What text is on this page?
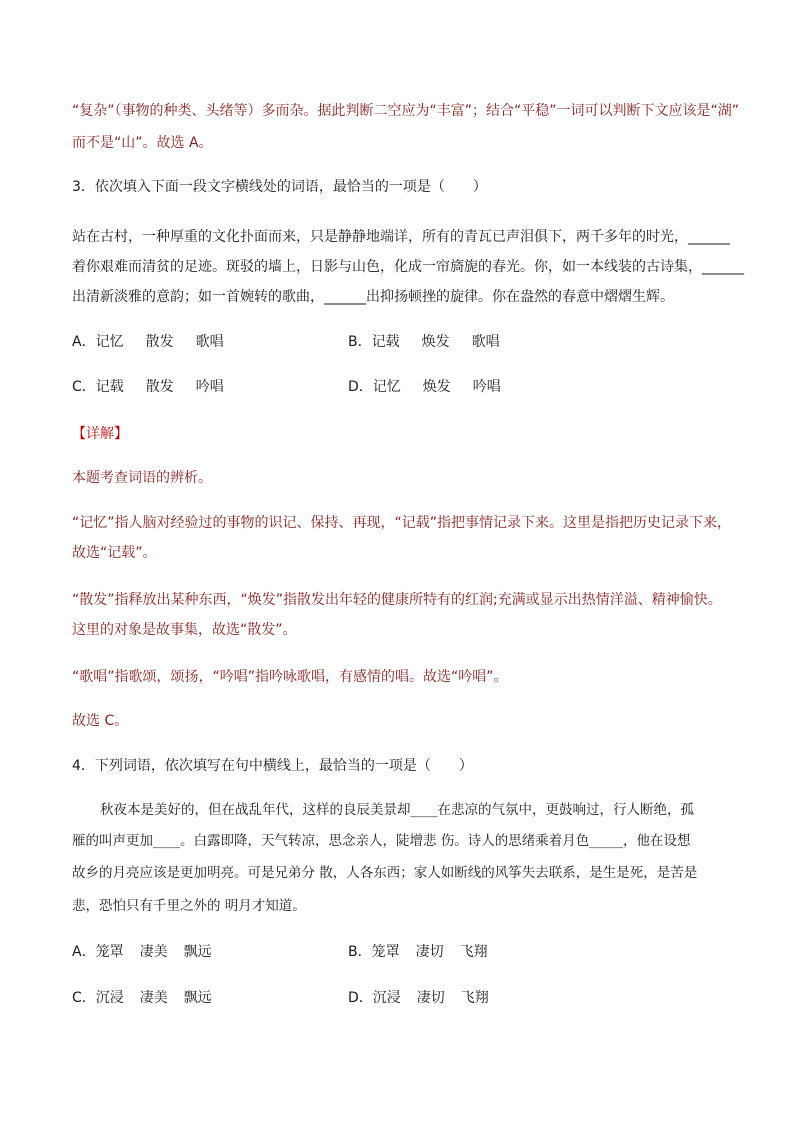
“复杂”（事物的种类、头绪等）多而杂。据此判断二空应为“丰富”；结合“平稳”一词可以判断下文应该是“湖”
而不是“山”。故选 A。
3．依次填入下面一段文字横线处的词语，最恰当的一项是（　　）
站在古村，一种厚重的文化扑面而来，只是静静地端详，所有的青瓦已声泪俱下，两千多年的时光，______
着你艰难而清贫的足迹。斑驳的墙上，日影与山色，化成一帘旖旎的春光。你，如一本线装的古诗集，______
出清新淡雅的意韵；如一首婉转的歌曲，______出抑扬顿挫的旋律。你在盎然的春意中熠熠生辉。
A．记忆 散发 歌唱	B．记载 焕发 歌唱
C．记载 散发 吟唱	D．记忆 焕发 吟唱
【详解】
本题考查词语的辨析。
“记忆”指人脑对经验过的事物的识记、保持、再现，“记载”指把事情记录下来。这里是指把历史记录下来，
故选“记载”。
“散发”指释放出某种东西，“焕发”指散发出年轻的健康所特有的红润;充满或显示出热情洋溢、精神愉快。
这里的对象是故事集，故选“散发”。
“歌唱”指歌颂，颂扬，“吟唱”指吟咏歌唱，有感情的唱。故选“吟唱”。
故选 C。
4．下列词语，依次填写在句中横线上，最恰当的一项是（　　）
秋夜本是美好的，但在战乱年代，这样的良辰美景却____在悲凉的气氛中，更鼓响过，行人断绝，孤
雁的叫声更加____。白露即降，天气转凉，思念亲人，陡增悲 伤。诗人的思绪乘着月色_____，他在设想
故乡的月亮应该是更加明亮。可是兄弟分 散，人各东西；家人如断线的风筝失去联系，是生是死，是苦是
悲，恐怕只有千里之外的 明月才知道。
A．笼罩 凄美 飘远	B．笼罩 凄切 飞翔
C．沉浸 凄美 飘远	D．沉浸 凄切 飞翔
